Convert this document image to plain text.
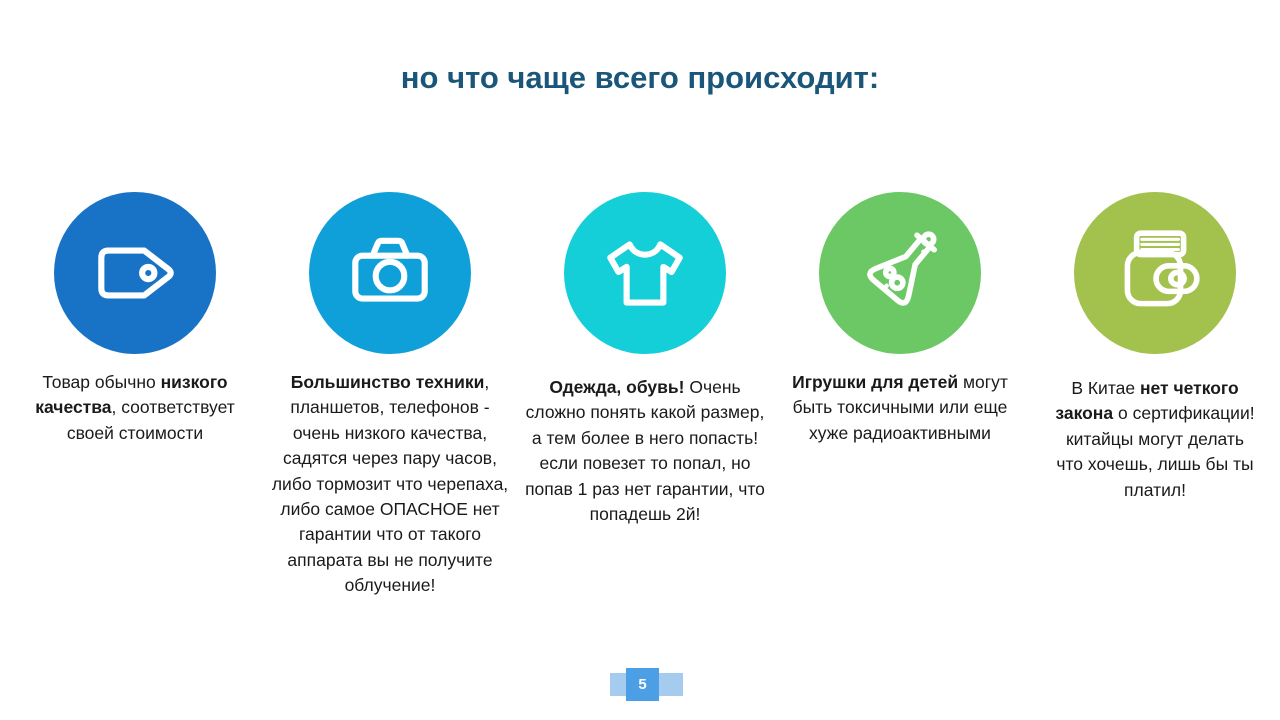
но что чаще всего происходит:
Товар обычно низкого качества, соответствует своей стоимости
Большинство техники, планшетов, телефонов - очень низкого качества, садятся через пару часов, либо тормозит что черепаха, либо самое ОПАСНОЕ нет гарантии что от такого аппарата вы не получите облучение!
Одежда, обувь! Очень сложно понять какой размер, а тем более в него попасть! если повезет то попал, но попав 1 раз нет гарантии, что попадешь 2й!
Игрушки для детей могут быть токсичными или еще хуже радиоактивными
В Китае нет четкого закона о сертификации! китайцы могут делать что хочешь, лишь бы ты платил!
5
